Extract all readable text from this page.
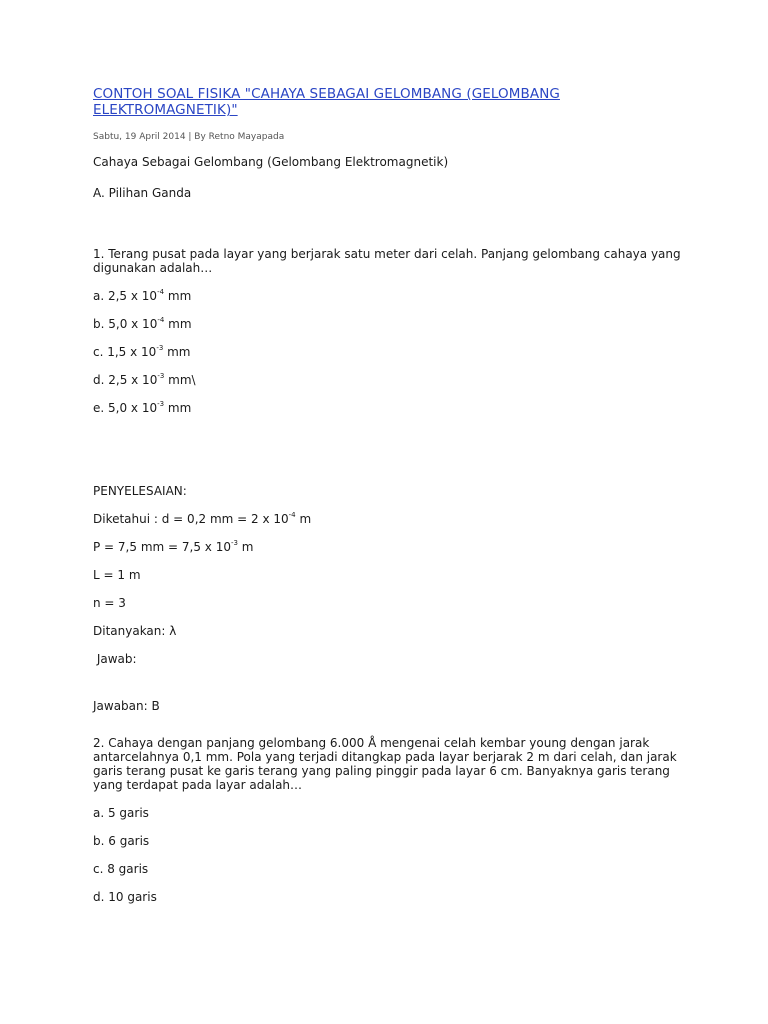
CONTOH SOAL FISIKA "CAHAYA SEBAGAI GELOMBANG (GELOMBANG ELEKTROMAGNETIK)"
Sabtu, 19 April 2014 | By Retno Mayapada

Cahaya Sebagai Gelombang (Gelombang Elektromagnetik)

A. Pilihan Ganda

1. Terang pusat pada layar yang berjarak satu meter dari celah. Panjang gelombang cahaya yang digunakan adalah…

a. 2,5 x $10^{-4}$ mm

b. 5,0 x $10^{-4}$ mm

c. 1,5 x $10^{-3}$ mm

d. 2,5 x $10^{-3}$ mm\

e. 5,0 x $10^{-3}$ mm

PENYELESAIAN:

Diketahui : d = 0,2 mm = 2 x $10^{-4}$ m

P = 7,5 mm = 7,5 x $10^{-3}$ m

L = 1 m

n = 3

Ditanyakan: λ

Jawab:

Jawaban: B

2. Cahaya dengan panjang gelombang 6.000 Å mengenai celah kembar young dengan jarak antarcelahnya 0,1 mm. Pola yang terjadi ditangkap pada layar berjarak 2 m dari celah, dan jarak garis terang pusat ke garis terang yang paling pinggir pada layar 6 cm. Banyaknya garis terang yang terdapat pada layar adalah…

a. 5 garis

b. 6 garis

c. 8 garis

d. 10 garis
